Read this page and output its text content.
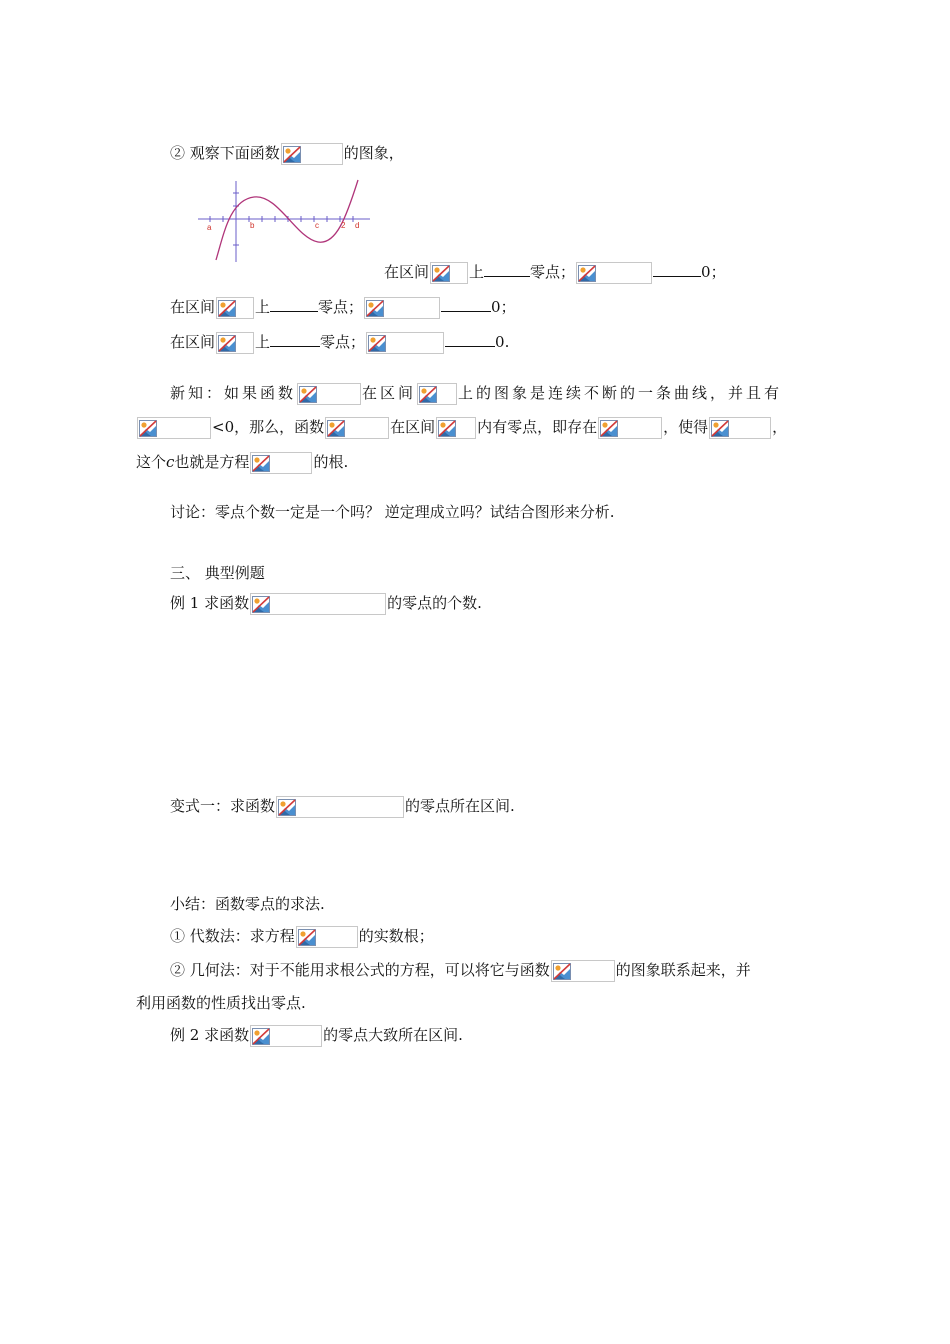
② 观察下面函数	的图象，
a	b	c	2 d
在区间	上	零点；	0；
在区间	上	零点；	0；
在区间	上	零点；	0.
新知：如果函数	在区间	上的图象是连续不断的一条曲线，并且有
<0，那么，函数	在区间	内有零点，即存在	，使得	，
这个c也就是方程	的根.
讨论：零点个数一定是一个吗？ 逆定理成立吗？试结合图形来分析.
三、 典型例题
例 1 求函数	的零点的个数.
变式一：求函数	的零点所在区间.
小结：函数零点的求法.
① 代数法：求方程	的实数根；
② 几何法：对于不能用求根公式的方程，可以将它与函数	的图象联系起来，并
利用函数的性质找出零点.
例 2 求函数	的零点大致所在区间.
